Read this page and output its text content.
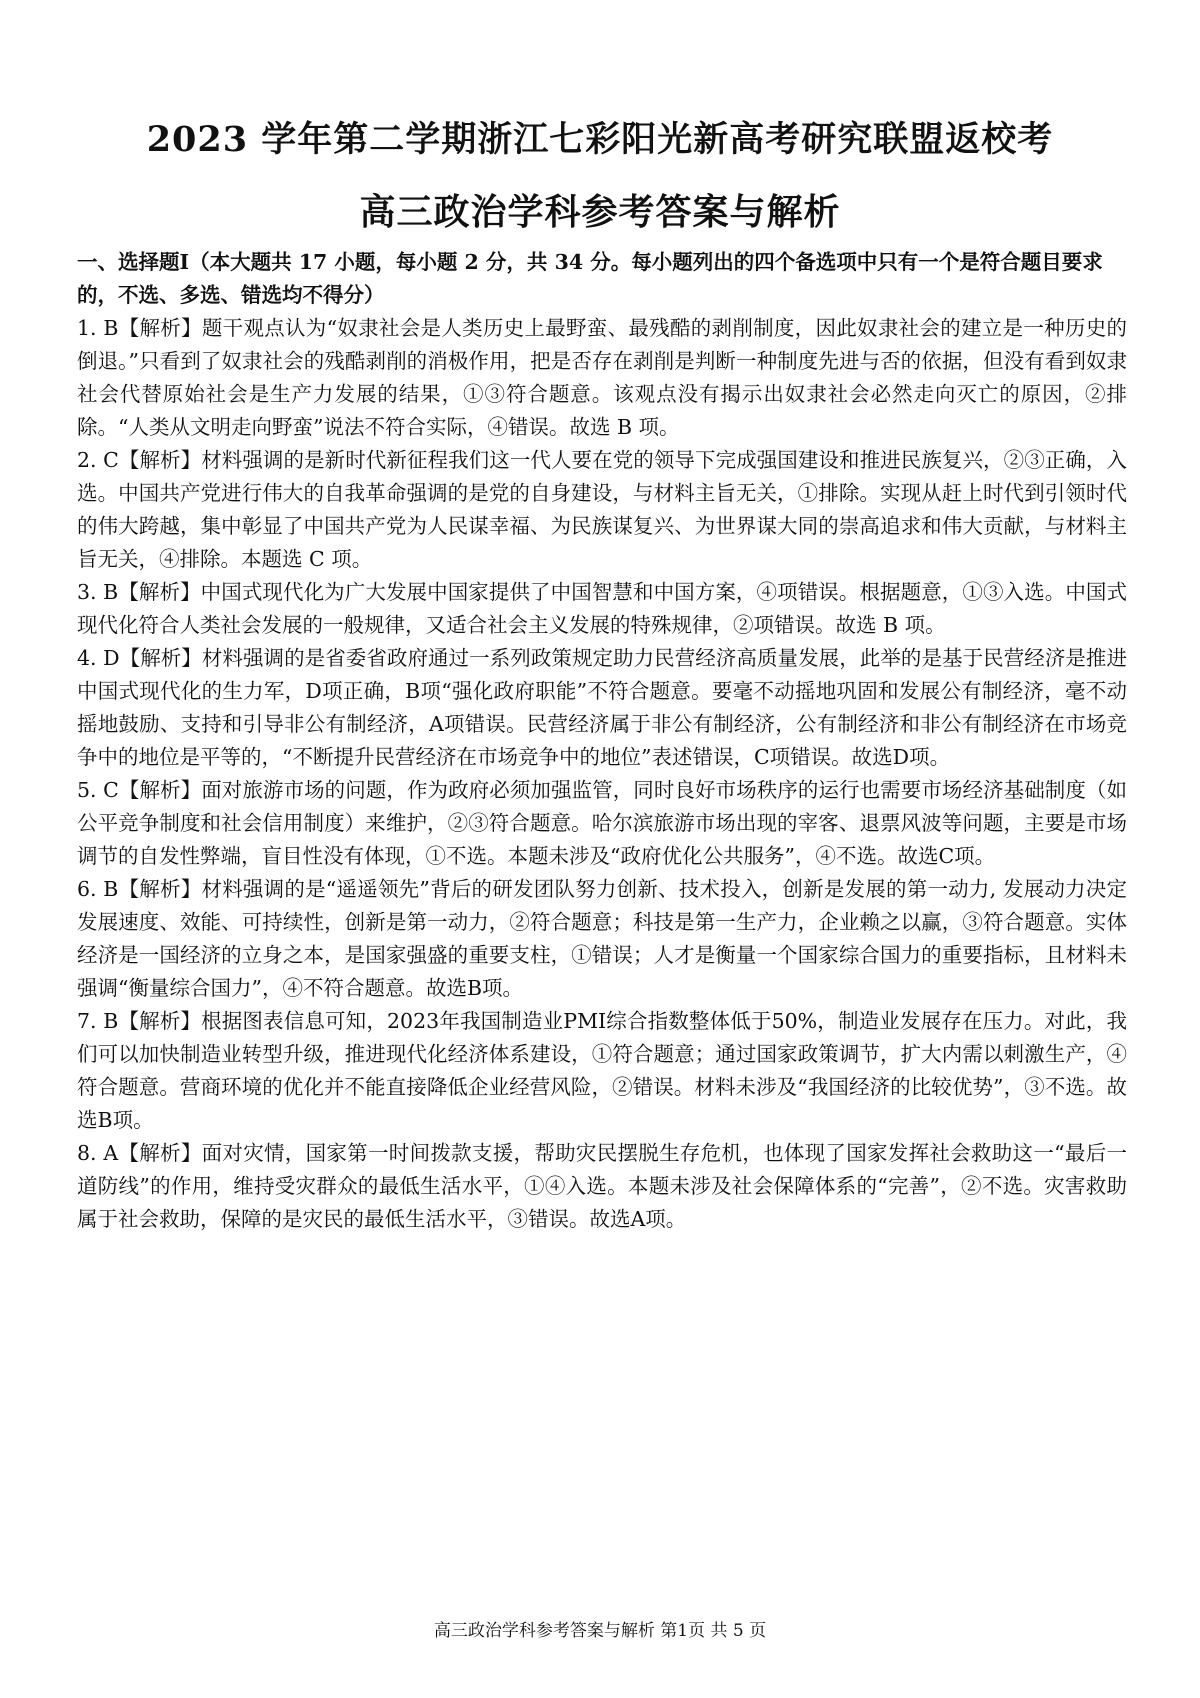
2023 学年第二学期浙江七彩阳光新高考研究联盟返校考
高三政治学科参考答案与解析

一、选择题Ⅰ（本大题共 17 小题，每小题 2 分，共 34 分。每小题列出的四个备选项中只有一个是符合题目要求的，不选、多选、错选均不得分）

1. B【解析】题干观点认为“奴隶社会是人类历史上最野蛮、最残酷的剥削制度，因此奴隶社会的建立是一种历史的倒退。”只看到了奴隶社会的残酷剥削的消极作用，把是否存在剥削是判断一种制度先进与否的依据，但没有看到奴隶社会代替原始社会是生产力发展的结果，①③符合题意。该观点没有揭示出奴隶社会必然走向灭亡的原因，②排除。“人类从文明走向野蛮”说法不符合实际，④错误。故选 B 项。

2. C【解析】材料强调的是新时代新征程我们这一代人要在党的领导下完成强国建设和推进民族复兴，②③正确，入选。中国共产党进行伟大的自我革命强调的是党的自身建设，与材料主旨无关，①排除。实现从赶上时代到引领时代的伟大跨越，集中彰显了中国共产党为人民谋幸福、为民族谋复兴、为世界谋大同的崇高追求和伟大贡献，与材料主旨无关，④排除。本题选 C 项。

3. B【解析】中国式现代化为广大发展中国家提供了中国智慧和中国方案，④项错误。根据题意，①③入选。中国式现代化符合人类社会发展的一般规律，又适合社会主义发展的特殊规律，②项错误。故选 B 项。

4. D【解析】材料强调的是省委省政府通过一系列政策规定助力民营经济高质量发展，此举的是基于民营经济是推进中国式现代化的生力军，D项正确，B项“强化政府职能”不符合题意。要毫不动摇地巩固和发展公有制经济，毫不动摇地鼓励、支持和引导非公有制经济，A项错误。民营经济属于非公有制经济，公有制经济和非公有制经济在市场竞争中的地位是平等的，“不断提升民营经济在市场竞争中的地位”表述错误，C项错误。故选D项。

5. C【解析】面对旅游市场的问题，作为政府必须加强监管，同时良好市场秩序的运行也需要市场经济基础制度（如公平竞争制度和社会信用制度）来维护，②③符合题意。哈尔滨旅游市场出现的宰客、退票风波等问题，主要是市场调节的自发性弊端，盲目性没有体现，①不选。本题未涉及“政府优化公共服务”，④不选。故选C项。

6. B【解析】材料强调的是“遥遥领先”背后的研发团队努力创新、技术投入，创新是发展的第一动力, 发展动力决定发展速度、效能、可持续性，创新是第一动力，②符合题意；科技是第一生产力，企业赖之以赢，③符合题意。实体经济是一国经济的立身之本，是国家强盛的重要支柱，①错误；人才是衡量一个国家综合国力的重要指标，且材料未强调“衡量综合国力”，④不符合题意。故选B项。

7. B【解析】根据图表信息可知，2023年我国制造业PMI综合指数整体低于50%，制造业发展存在压力。对此，我们可以加快制造业转型升级，推进现代化经济体系建设，①符合题意；通过国家政策调节，扩大内需以刺激生产，④符合题意。营商环境的优化并不能直接降低企业经营风险，②错误。材料未涉及“我国经济的比较优势”，③不选。故选B项。

8. A【解析】面对灾情，国家第一时间拨款支援，帮助灾民摆脱生存危机，也体现了国家发挥社会救助这一“最后一道防线”的作用，维持受灾群众的最低生活水平，①④入选。本题未涉及社会保障体系的“完善”，②不选。灾害救助属于社会救助，保障的是灾民的最低生活水平，③错误。故选A项。

高三政治学科参考答案与解析 第1页 共 5 页
